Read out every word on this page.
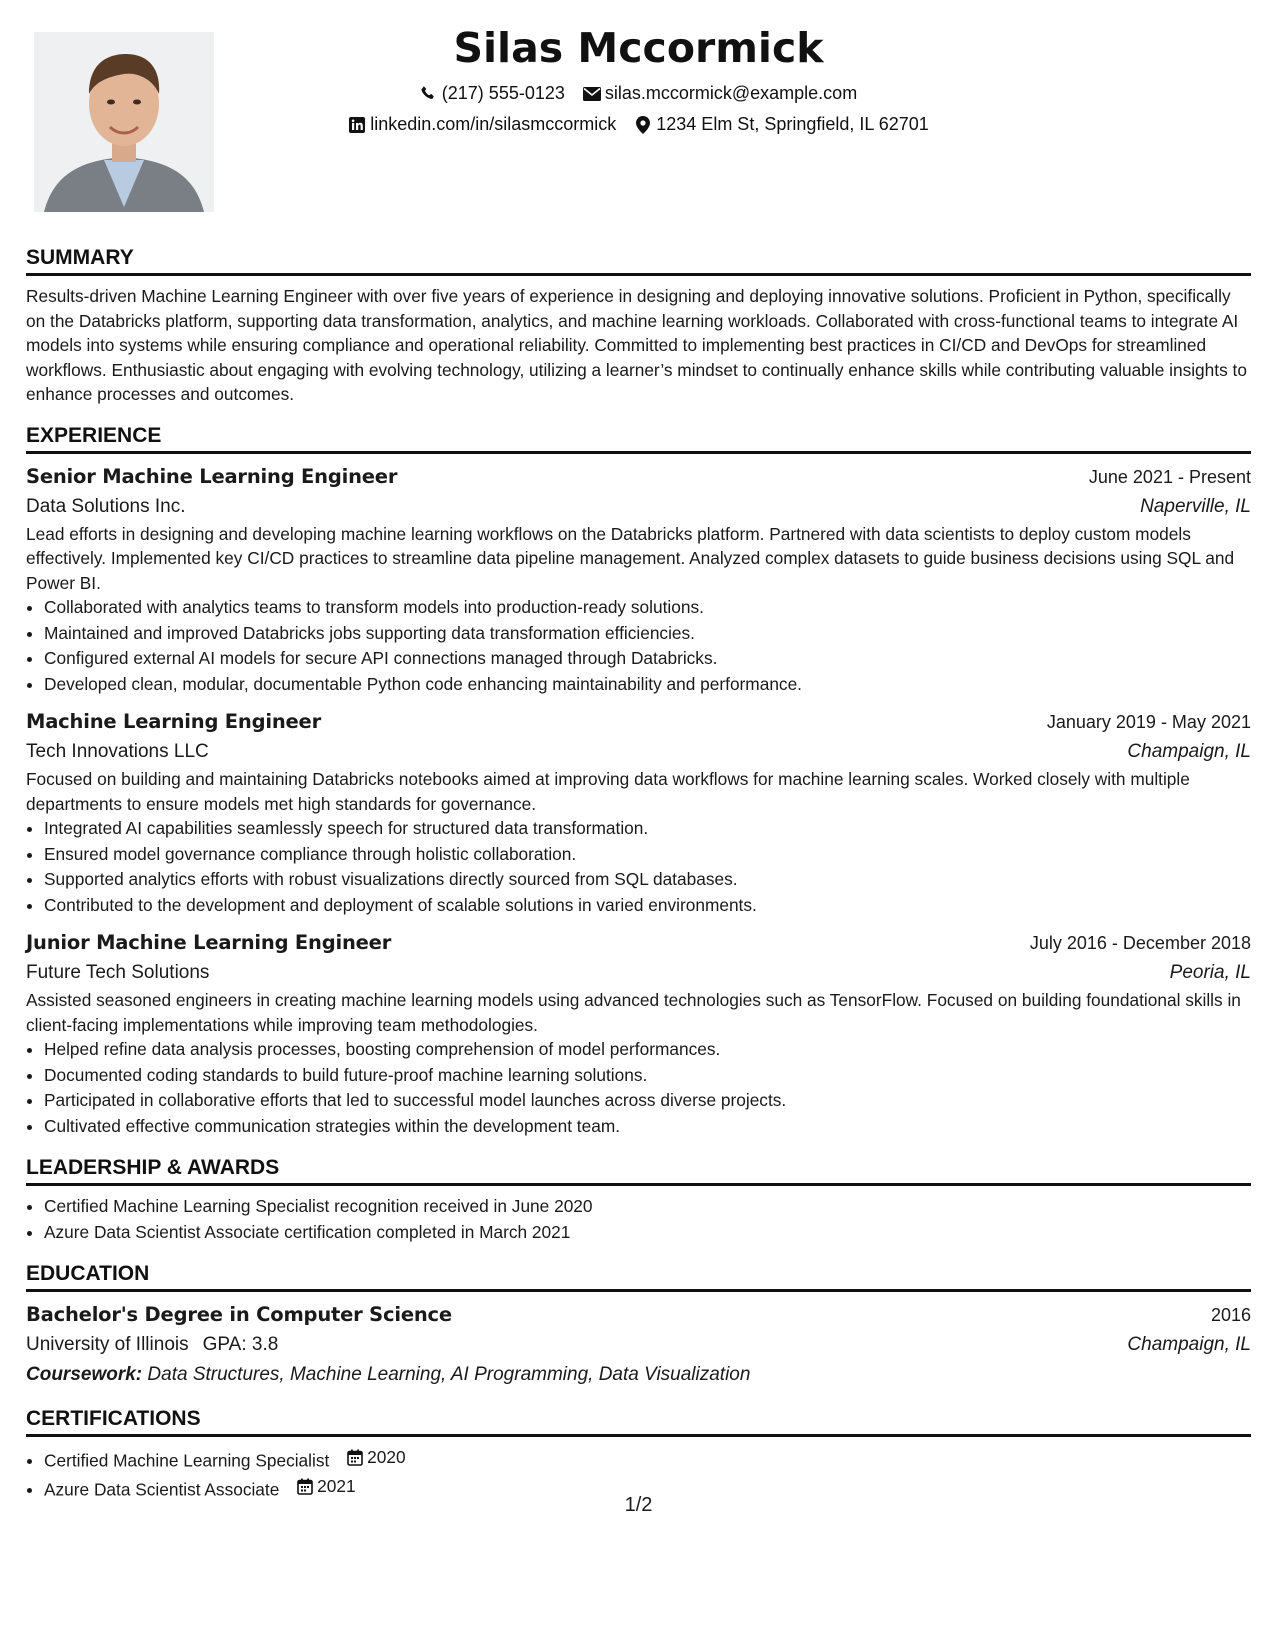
Silas Mccormick
(217) 555-0123 silas.mccormick@example.com
linkedin.com/in/silasmccormick 1234 Elm St, Springfield, IL 62701
SUMMARY

Results-driven Machine Learning Engineer with over five years of experience in designing and deploying innovative solutions. Proficient in Python, specifically on the Databricks platform, supporting data transformation, analytics, and machine learning workloads. Collaborated with cross-functional teams to integrate AI models into systems while ensuring compliance and operational reliability. Committed to implementing best practices in CI/CD and DevOps for streamlined workflows. Enthusiastic about engaging with evolving technology, utilizing a learner’s mindset to continually enhance skills while contributing valuable insights to enhance processes and outcomes.

EXPERIENCE
Senior Machine Learning Engineer	June 2021 - Present
Data Solutions Inc.	Naperville, IL

Lead efforts in designing and developing machine learning workflows on the Databricks platform. Partnered with data scientists to deploy custom models effectively. Implemented key CI/CD practices to streamline data pipeline management. Analyzed complex datasets to guide business decisions using SQL and Power BI.

• Collaborated with analytics teams to transform models into production-ready solutions.
• Maintained and improved Databricks jobs supporting data transformation efficiencies.
• Configured external AI models for secure API connections managed through Databricks.
• Developed clean, modular, documentable Python code enhancing maintainability and performance.
Machine Learning Engineer	January 2019 - May 2021
Tech Innovations LLC	Champaign, IL

Focused on building and maintaining Databricks notebooks aimed at improving data workflows for machine learning scales. Worked closely with multiple departments to ensure models met high standards for governance.

• Integrated AI capabilities seamlessly speech for structured data transformation.
• Ensured model governance compliance through holistic collaboration.
• Supported analytics efforts with robust visualizations directly sourced from SQL databases.
• Contributed to the development and deployment of scalable solutions in varied environments.
Junior Machine Learning Engineer	July 2016 - December 2018
Future Tech Solutions	Peoria, IL

Assisted seasoned engineers in creating machine learning models using advanced technologies such as TensorFlow. Focused on building foundational skills in client-facing implementations while improving team methodologies.

• Helped refine data analysis processes, boosting comprehension of model performances.
• Documented coding standards to build future-proof machine learning solutions.
• Participated in collaborative efforts that led to successful model launches across diverse projects.
• Cultivated effective communication strategies within the development team.
LEADERSHIP & AWARDS
• Certified Machine Learning Specialist recognition received in June 2020
• Azure Data Scientist Associate certification completed in March 2021
EDUCATION
Bachelor's Degree in Computer Science	2016
University of Illinois GPA: 3.8	Champaign, IL
Coursework: Data Structures, Machine Learning, AI Programming, Data Visualization
CERTIFICATIONS
• Certified Machine Learning Specialist 2020
• Azure Data Scientist Associate 2021
1/2
